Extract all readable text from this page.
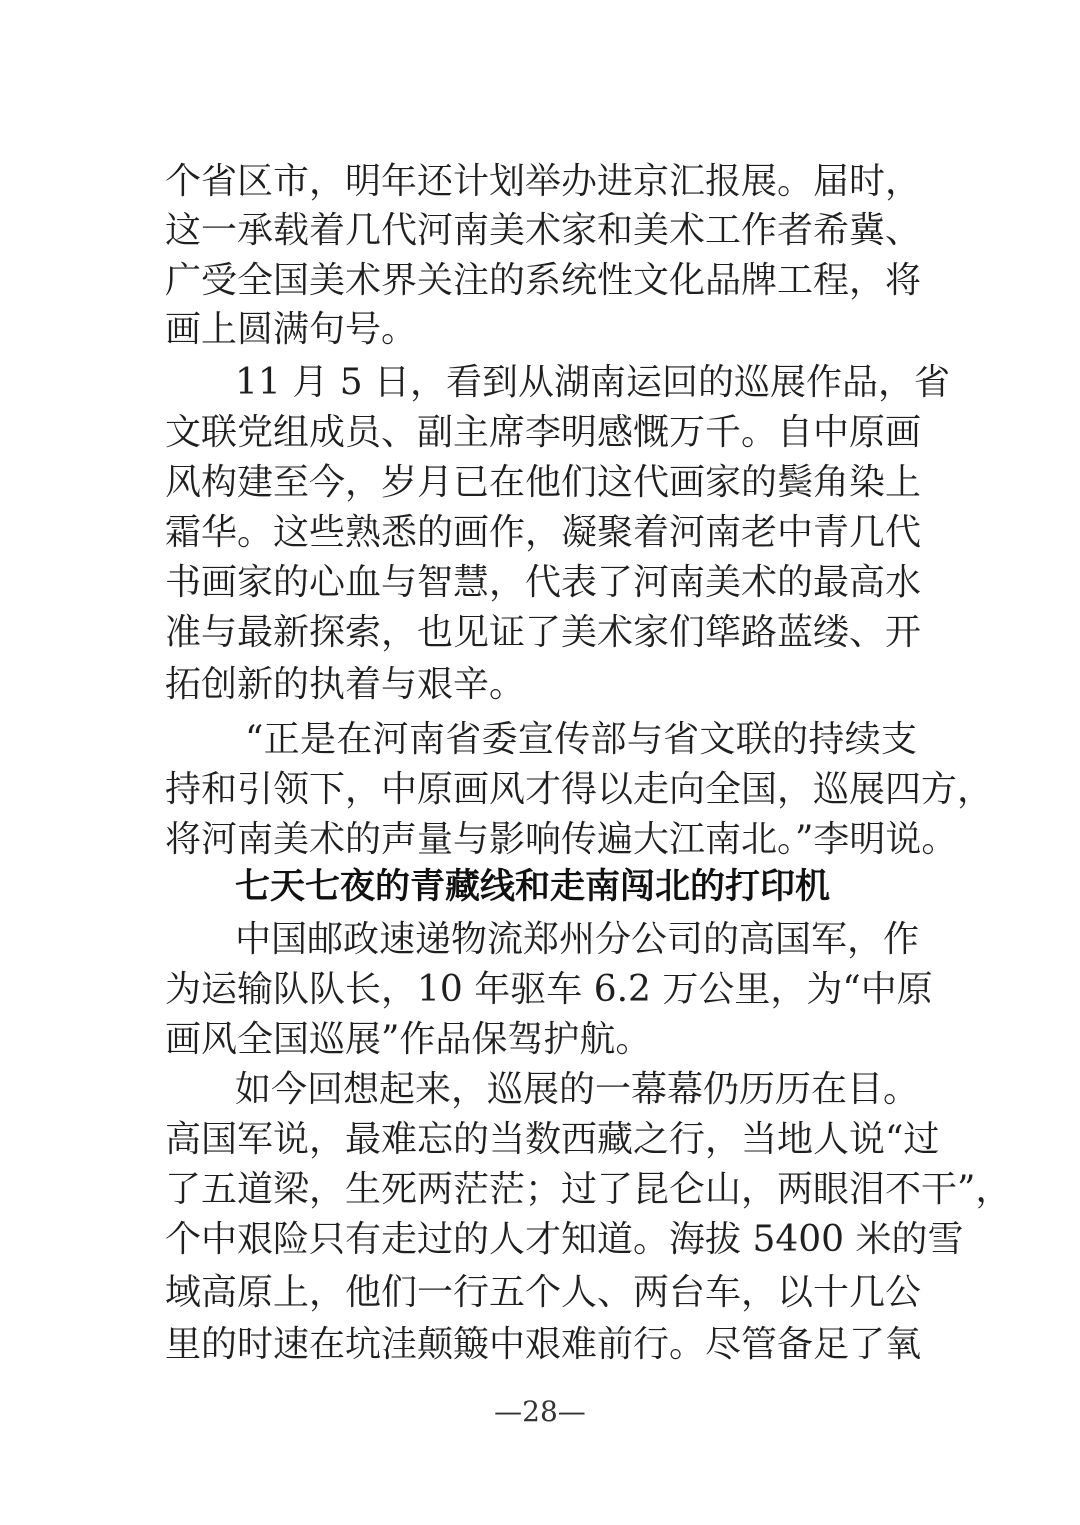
个省区市，明年还计划举办进京汇报展。届时，
这一承载着几代河南美术家和美术工作者希冀、
广受全国美术界关注的系统性文化品牌工程，将
画上圆满句号。
11 月 5 日，看到从湖南运回的巡展作品，省
文联党组成员、副主席李明感慨万千。自中原画
风构建至今，岁月已在他们这代画家的鬓角染上
霜华。这些熟悉的画作，凝聚着河南老中青几代
书画家的心血与智慧，代表了河南美术的最高水
准与最新探索，也见证了美术家们筚路蓝缕、开
拓创新的执着与艰辛。
“正是在河南省委宣传部与省文联的持续支
持和引领下，中原画风才得以走向全国，巡展四方，
将河南美术的声量与影响传遍大江南北。”李明说。
七天七夜的青藏线和走南闯北的打印机
中国邮政速递物流郑州分公司的高国军，作
为运输队队长，10 年驱车 6.2 万公里，为“中原
画风全国巡展”作品保驾护航。
如今回想起来，巡展的一幕幕仍历历在目。
高国军说，最难忘的当数西藏之行，当地人说“过
了五道梁，生死两茫茫；过了昆仑山，两眼泪不干”，
个中艰险只有走过的人才知道。海拔 5400 米的雪
域高原上，他们一行五个人、两台车，以十几公
里的时速在坑洼颠簸中艰难前行。尽管备足了氧
—28—
